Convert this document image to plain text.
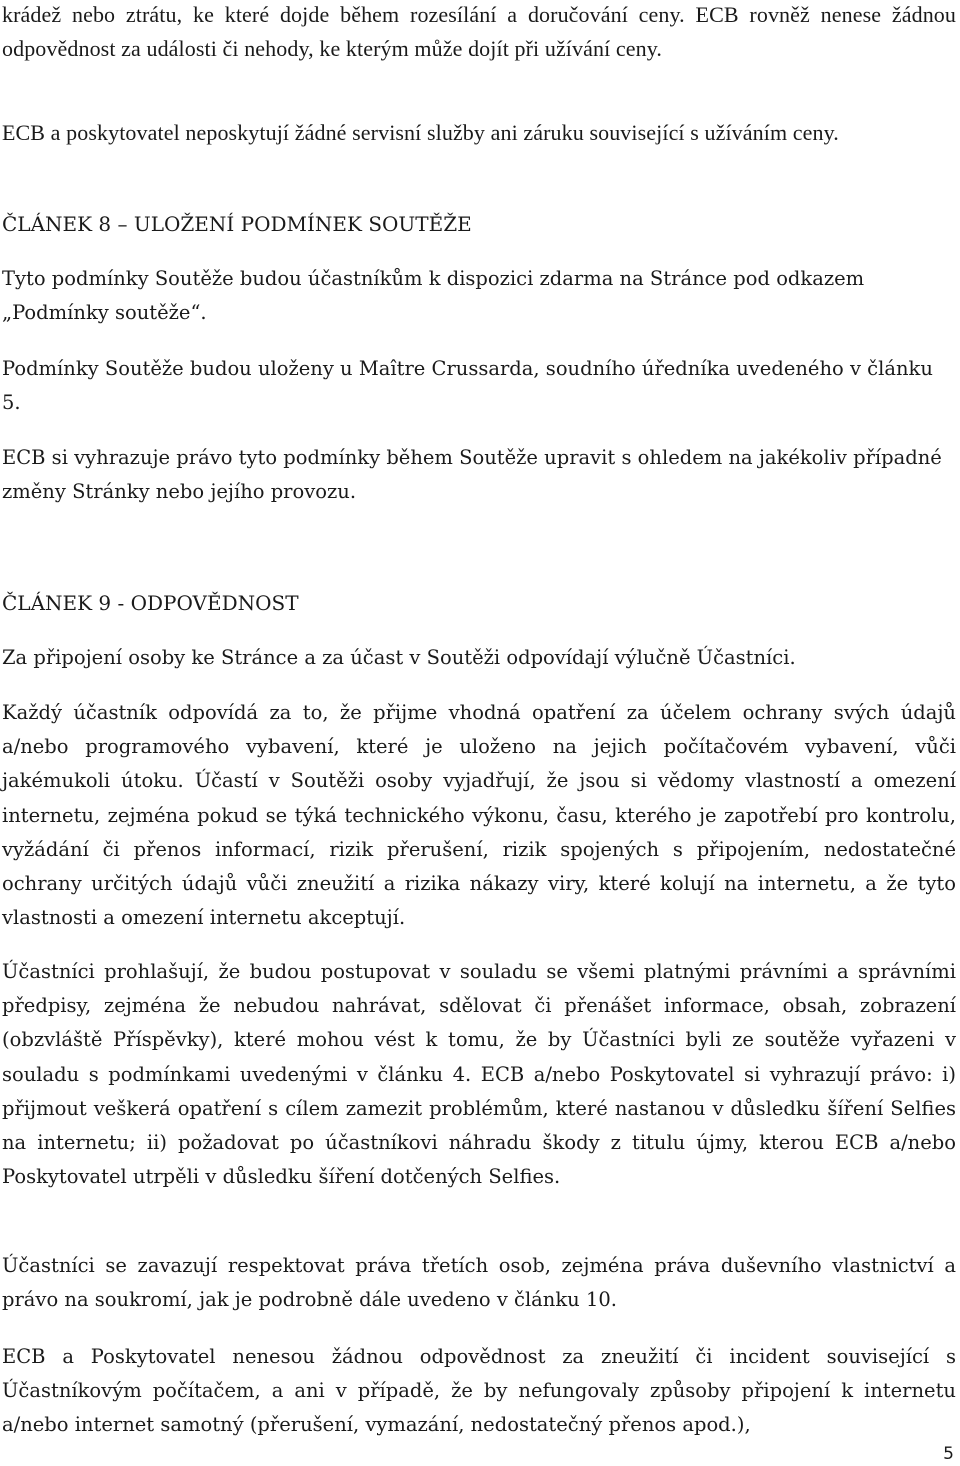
krádež nebo ztrátu, ke které dojde během rozesílání a doručování ceny. ECB rovněž nenese žádnou odpovědnost za události či nehody, ke kterým může dojít při užívání ceny.

ECB a poskytovatel neposkytují žádné servisní služby ani záruku související s užíváním ceny.

ČLÁNEK 8 – ULOŽENÍ PODMÍNEK SOUTĚŽE

Tyto podmínky Soutěže budou účastníkům k dispozici zdarma na Stránce pod odkazem „Podmínky soutěže“.

Podmínky Soutěže budou uloženy u Maître Crussarda, soudního úředníka uvedeného v článku 5.

ECB si vyhrazuje právo tyto podmínky během Soutěže upravit s ohledem na jakékoliv případné změny Stránky nebo jejího provozu.

ČLÁNEK 9 - ODPOVĚDNOST

Za připojení osoby ke Stránce a za účast v Soutěži odpovídají výlučně Účastníci.

Každý účastník odpovídá za to, že přijme vhodná opatření za účelem ochrany svých údajů a/nebo programového vybavení, které je uloženo na jejich počítačovém vybavení, vůči jakémukoli útoku. Účastí v Soutěži osoby vyjadřují, že jsou si vědomy vlastností a omezení internetu, zejména pokud se týká technického výkonu, času, kterého je zapotřebí pro kontrolu, vyžádání či přenos informací, rizik přerušení, rizik spojených s připojením, nedostatečné ochrany určitých údajů vůči zneužití a rizika nákazy viry, které kolují na internetu, a že tyto vlastnosti a omezení internetu akceptují.

Účastníci prohlašují, že budou postupovat v souladu se všemi platnými právními a správními předpisy, zejména že nebudou nahrávat, sdělovat či přenášet informace, obsah, zobrazení (obzvláště Příspěvky), které mohou vést k tomu, že by Účastníci byli ze soutěže vyřazeni v souladu s podmínkami uvedenými v článku 4. ECB a/nebo Poskytovatel si vyhrazují právo: i) přijmout veškerá opatření s cílem zamezit problémům, které nastanou v důsledku šíření Selfies na internetu; ii) požadovat po účastníkovi náhradu škody z titulu újmy, kterou ECB a/nebo Poskytovatel utrpěli v důsledku šíření dotčených Selfies.

Účastníci se zavazují respektovat práva třetích osob, zejména práva duševního vlastnictví a právo na soukromí, jak je podrobně dále uvedeno v článku 10.

ECB a Poskytovatel nenesou žádnou odpovědnost za zneužití či incident související s Účastníkovým počítačem, a ani v případě, že by nefungovaly způsoby připojení k internetu a/nebo internet samotný (přerušení, vymazání, nedostatečný přenos apod.),

5
